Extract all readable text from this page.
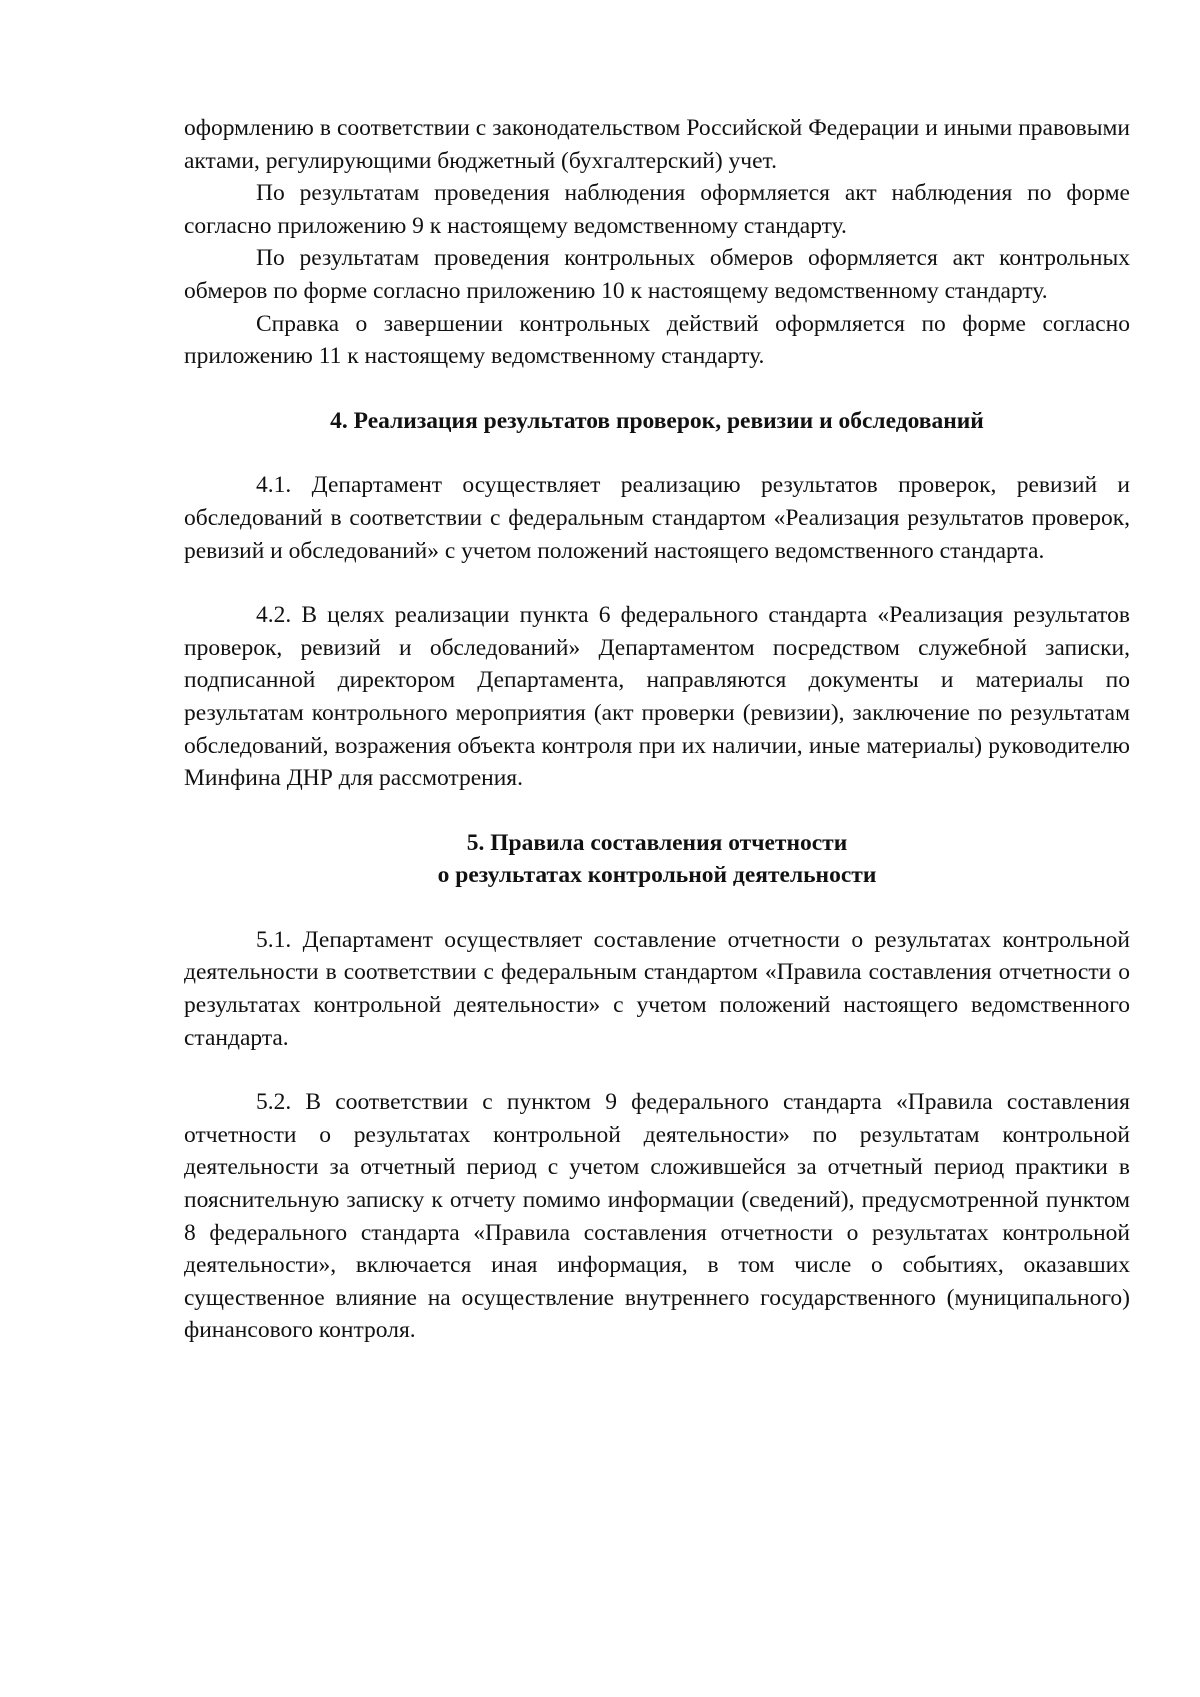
оформлению в соответствии с законодательством Российской Федерации и иными правовыми актами, регулирующими бюджетный (бухгалтерский) учет.

По результатам проведения наблюдения оформляется акт наблюдения по форме согласно приложению 9 к настоящему ведомственному стандарту.

По результатам проведения контрольных обмеров оформляется акт контрольных обмеров по форме согласно приложению 10 к настоящему ведомственному стандарту.

Справка о завершении контрольных действий оформляется по форме согласно приложению 11 к настоящему ведомственному стандарту.

4. Реализация результатов проверок, ревизии и обследований

4.1. Департамент осуществляет реализацию результатов проверок, ревизий и обследований в соответствии с федеральным стандартом «Реализация результатов проверок, ревизий и обследований» с учетом положений настоящего ведомственного стандарта.

4.2. В целях реализации пункта 6 федерального стандарта «Реализация результатов проверок, ревизий и обследований» Департаментом посредством служебной записки, подписанной директором Департамента, направляются документы и материалы по результатам контрольного мероприятия (акт проверки (ревизии), заключение по результатам обследований, возражения объекта контроля при их наличии, иные материалы) руководителю Минфина ДНР для рассмотрения.

5. Правила составления отчетности
о результатах контрольной деятельности

5.1. Департамент осуществляет составление отчетности о результатах контрольной деятельности в соответствии с федеральным стандартом «Правила составления отчетности о результатах контрольной деятельности» с учетом положений настоящего ведомственного стандарта.

5.2. В соответствии с пунктом 9 федерального стандарта «Правила составления отчетности о результатах контрольной деятельности» по результатам контрольной деятельности за отчетный период с учетом сложившейся за отчетный период практики в пояснительную записку к отчету помимо информации (сведений), предусмотренной пунктом 8 федерального стандарта «Правила составления отчетности о результатах контрольной деятельности», включается иная информация, в том числе о событиях, оказавших существенное влияние на осуществление внутреннего государственного (муниципального) финансового контроля.
